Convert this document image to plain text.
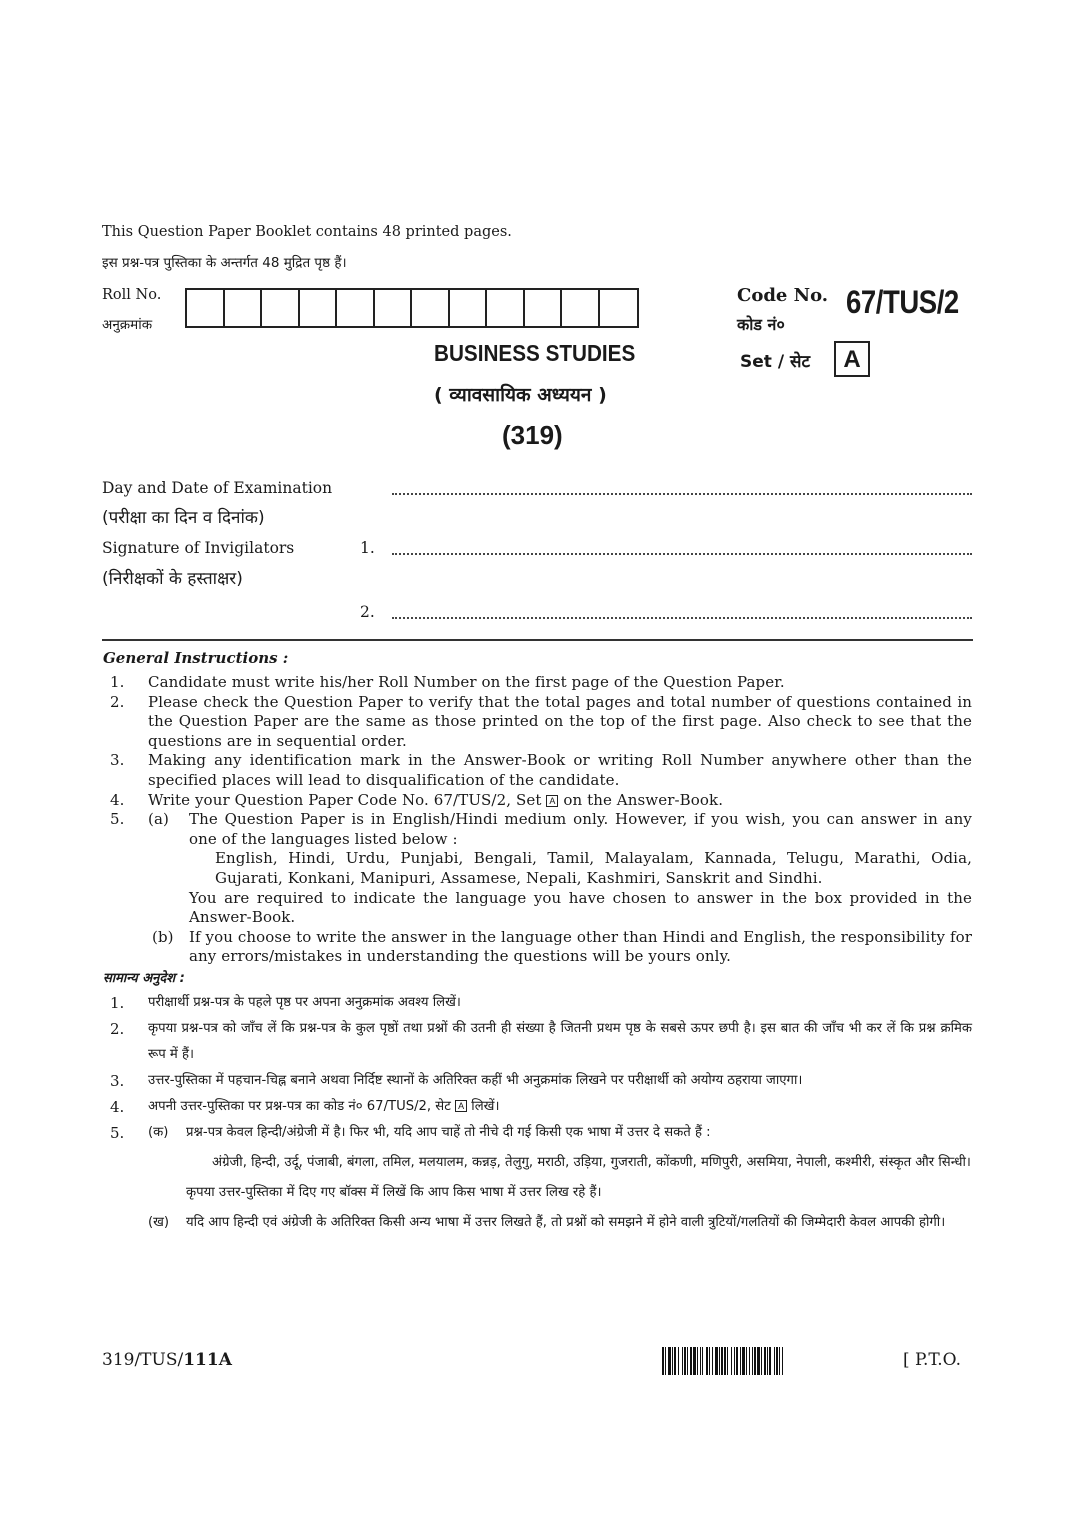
This Question Paper Booklet contains 48 printed pages.
इस प्रश्न-पत्र पुस्तिका के अन्तर्गत 48 मुद्रित पृष्ठ हैं।
Roll No.
अनुक्रमांक
Code No.
कोड नं०
67/TUS/2
Set / सेट	A
BUSINESS STUDIES
( व्यावसायिक अध्ययन )
(319)
Day and Date of Examination
(परीक्षा का दिन व दिनांक)
Signature of Invigilators
(निरीक्षकों के हस्ताक्षर)
1.
2.
General Instructions :
1.	Candidate must write his/her Roll Number on the first page of the Question Paper.
2.	Please check the Question Paper to verify that the total pages and total number of questions contained in the Question Paper are the same as those printed on the top of the first page. Also check to see that the questions are in sequential order.
3.	Making any identification mark in the Answer-Book or writing Roll Number anywhere other than the specified places will lead to disqualification of the candidate.
4.	Write your Question Paper Code No. 67/TUS/2, Set A on the Answer-Book.
5.	(a)	The Question Paper is in English/Hindi medium only. However, if you wish, you can answer in any one of the languages listed below :
English, Hindi, Urdu, Punjabi, Bengali, Tamil, Malayalam, Kannada, Telugu, Marathi, Odia, Gujarati, Konkani, Manipuri, Assamese, Nepali, Kashmiri, Sanskrit and Sindhi.
You are required to indicate the language you have chosen to answer in the box provided in the Answer-Book.
(b)	If you choose to write the answer in the language other than Hindi and English, the responsibility for any errors/mistakes in understanding the questions will be yours only.
सामान्य अनुदेश :
1.	परीक्षार्थी प्रश्न-पत्र के पहले पृष्ठ पर अपना अनुक्रमांक अवश्य लिखें।
2.	कृपया प्रश्न-पत्र को जाँच लें कि प्रश्न-पत्र के कुल पृष्ठों तथा प्रश्नों की उतनी ही संख्या है जितनी प्रथम पृष्ठ के सबसे ऊपर छपी है। इस बात की जाँच भी कर लें कि प्रश्न क्रमिक रूप में हैं।
3.	उत्तर-पुस्तिका में पहचान-चिह्न बनाने अथवा निर्दिष्ट स्थानों के अतिरिक्त कहीं भी अनुक्रमांक लिखने पर परीक्षार्थी को अयोग्य ठहराया जाएगा।
4.	अपनी उत्तर-पुस्तिका पर प्रश्न-पत्र का कोड नं० 67/TUS/2, सेट A लिखें।
5.	(क)	प्रश्न-पत्र केवल हिन्दी/अंग्रेजी में है। फिर भी, यदि आप चाहें तो नीचे दी गई किसी एक भाषा में उत्तर दे सकते हैं :
अंग्रेजी, हिन्दी, उर्दू, पंजाबी, बंगला, तमिल, मलयालम, कन्नड़, तेलुगु, मराठी, उड़िया, गुजराती, कोंकणी, मणिपुरी, असमिया, नेपाली, कश्मीरी, संस्कृत और सिन्धी।
कृपया उत्तर-पुस्तिका में दिए गए बॉक्स में लिखें कि आप किस भाषा में उत्तर लिख रहे हैं।
(ख)	यदि आप हिन्दी एवं अंग्रेजी के अतिरिक्त किसी अन्य भाषा में उत्तर लिखते हैं, तो प्रश्नों को समझने में होने वाली त्रुटियों/गलतियों की जिम्मेदारी केवल आपकी होगी।
319/TUS/111A	[ P.T.O.
